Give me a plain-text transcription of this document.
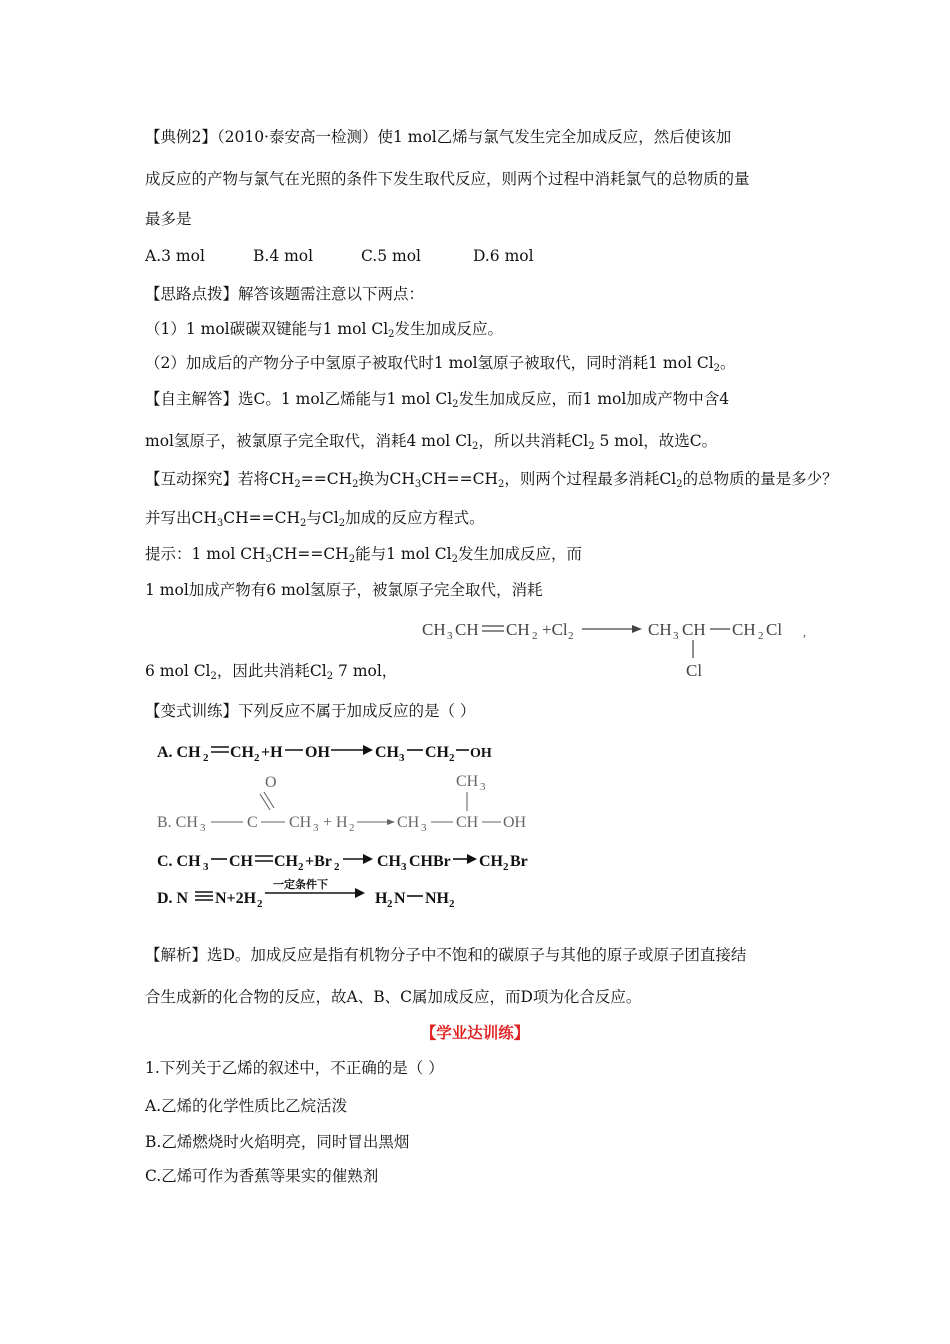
【典例2】（2010·泰安高一检测）使1 mol乙烯与氯气发生完全加成反应，然后使该加
成反应的产物与氯气在光照的条件下发生取代反应，则两个过程中消耗氯气的总物质的量
最多是
A.3 mol	B.4 mol	C.5 mol	D.6 mol
【思路点拨】解答该题需注意以下两点：
（1）1 mol碳碳双键能与1 mol $Cl_2$发生加成反应。
（2）加成后的产物分子中氢原子被取代时1 mol氢原子被取代，同时消耗1 mol $Cl_2$。
【自主解答】选C。1 mol乙烯能与1 mol $Cl_2$发生加成反应，而1 mol加成产物中含4
mol氢原子，被氯原子完全取代，消耗4 mol $Cl_2$，所以共消耗$Cl_2$ 5 mol，故选C。
【互动探究】若将$CH_2==CH_2$换为$CH_3CH==CH_2$，则两个过程最多消耗$Cl_2$的总物质的量是多少？
并写出$CH_3CH==CH_2$与$Cl_2$加成的反应方程式。
提示：1 mol $CH_3CH==CH_2$能与1 mol $Cl_2$发生加成反应，而
1 mol加成产物有6 mol氢原子，被氯原子完全取代，消耗
CH 3 CH CH 2 +Cl 2	CH 3 CH CH 2 Cl ,
Cl
6 mol $Cl_2$，因此共消耗$Cl_2$ 7 mol，
【变式训练】下列反应不属于加成反应的是（ ）
A. CH 2 CH 2 +H OH	CH 3 CH 2 OH
O
B. CH 3	C CH 3 + H 2	CH 3 CH OH
CH 3
C. CH 3 CH CH 2 +Br 2 CH 3 CHBr CH 2 Br
D. N N+2H 2
一定条件下
H 2 N NH 2
【解析】选D。加成反应是指有机物分子中不饱和的碳原子与其他的原子或原子团直接结
合生成新的化合物的反应，故A、B、C属加成反应，而D项为化合反应。
【学业达训练】
1.下列关于乙烯的叙述中，不正确的是（ ）
A.乙烯的化学性质比乙烷活泼
B.乙烯燃烧时火焰明亮，同时冒出黑烟
C.乙烯可作为香蕉等果实的催熟剂
